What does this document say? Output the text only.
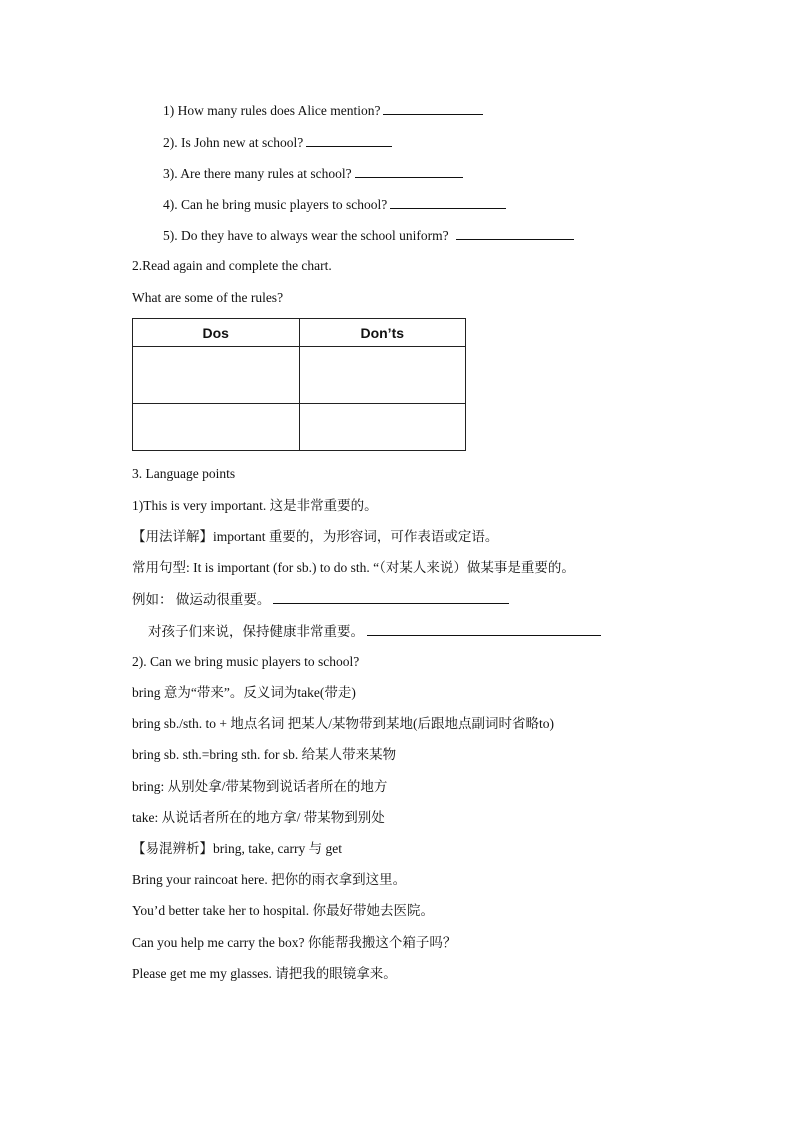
1) How many rules does Alice mention?
2). Is John new at school?
3). Are there many rules at school?
4). Can he bring music players to school?
5). Do they have to always wear the school uniform?
2.Read again and complete the chart.
What are some of the rules?
Dos	Don’ts

3. Language points
1)This is very important. 这是非常重要的。
【用法详解】important 重要的，为形容词，可作表语或定语。
常用句型: It is important (for sb.) to do sth. “（对某人来说）做某事是重要的。
例如： 做运动很重要。
对孩子们来说，保持健康非常重要。
2). Can we bring music players to school?
bring 意为“带来”。反义词为take(带走)
bring sb./sth. to + 地点名词 把某人/某物带到某地(后跟地点副词时省略to)
bring sb. sth.=bring sth. for sb. 给某人带来某物
bring: 从别处拿/带某物到说话者所在的地方
take: 从说话者所在的地方拿/ 带某物到别处
【易混辨析】bring, take, carry 与 get
Bring your raincoat here. 把你的雨衣拿到这里。
You’d better take her to hospital. 你最好带她去医院。
Can you help me carry the box? 你能帮我搬这个箱子吗？
Please get me my glasses. 请把我的眼镜拿来。
